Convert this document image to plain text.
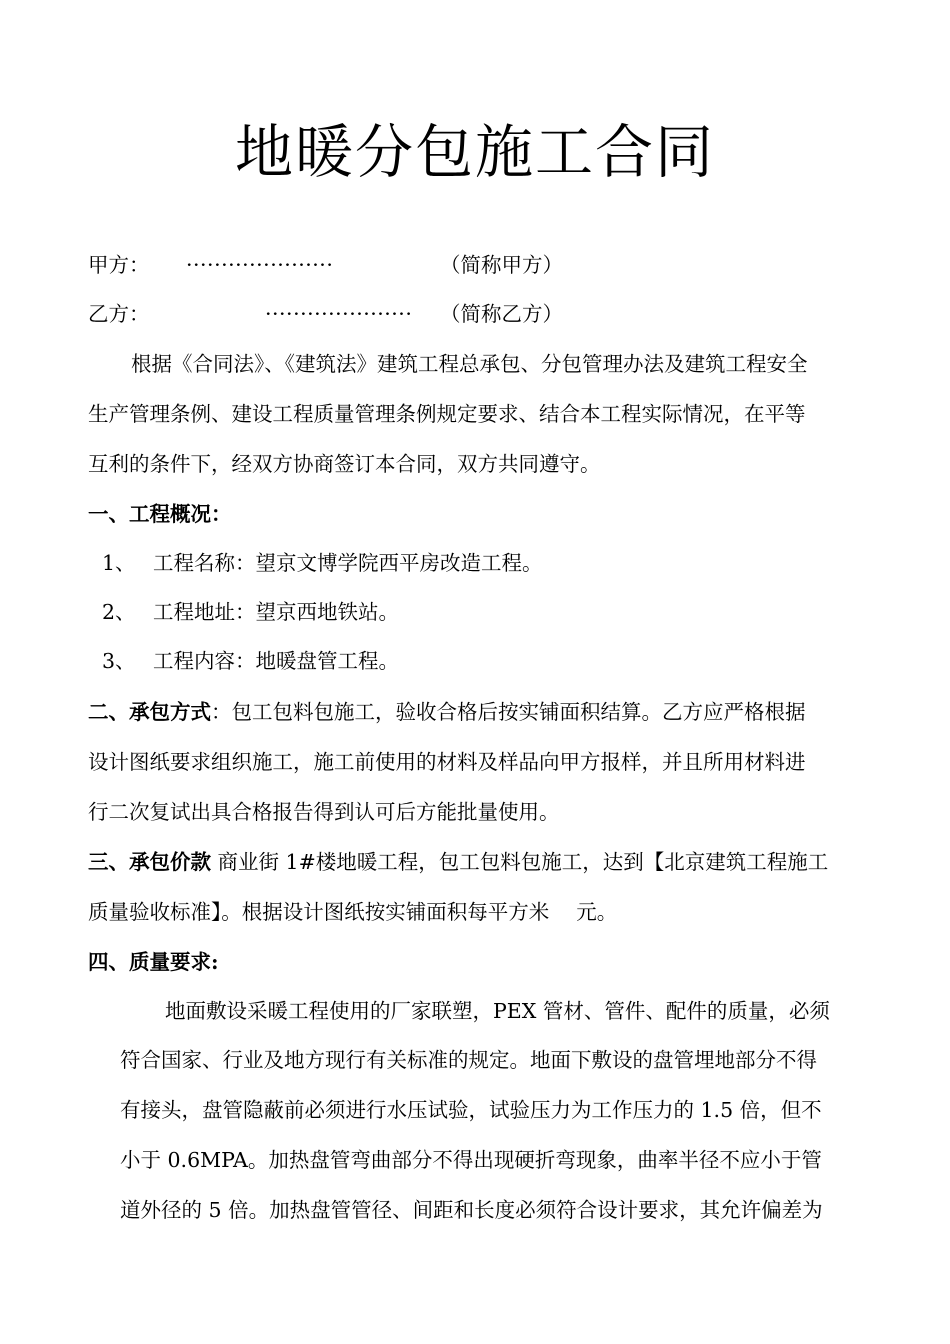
地暖分包施工合同
甲方： ·····················	（简称甲方）
乙方：	····················· （简称乙方）
根据《合同法》、《建筑法》建筑工程总承包、分包管理办法及建筑工程安全
生产管理条例、建设工程质量管理条例规定要求、结合本工程实际情况，在平等
互利的条件下，经双方协商签订本合同，双方共同遵守。
一、工程概况：
1、 工程名称：望京文博学院西平房改造工程。
2、 工程地址：望京西地铁站。
3、 工程内容：地暖盘管工程。
二、承包方式：包工包料包施工，验收合格后按实铺面积结算。乙方应严格根据
设计图纸要求组织施工，施工前使用的材料及样品向甲方报样，并且所用材料进
行二次复试出具合格报告得到认可后方能批量使用。
三、承包价款 商业街 1#楼地暖工程，包工包料包施工，达到【北京建筑工程施工
质量验收标准】。根据设计图纸按实铺面积每平方米　 元。
四、质量要求:
地面敷设采暖工程使用的厂家联塑，PEX 管材、管件、配件的质量，必须
符合国家、行业及地方现行有关标准的规定。地面下敷设的盘管埋地部分不得
有接头，盘管隐蔽前必须进行水压试验，试验压力为工作压力的 1.5 倍，但不
小于 0.6MPA。加热盘管弯曲部分不得出现硬折弯现象，曲率半径不应小于管
道外径的 5 倍。加热盘管管径、间距和长度必须符合设计要求，其允许偏差为
